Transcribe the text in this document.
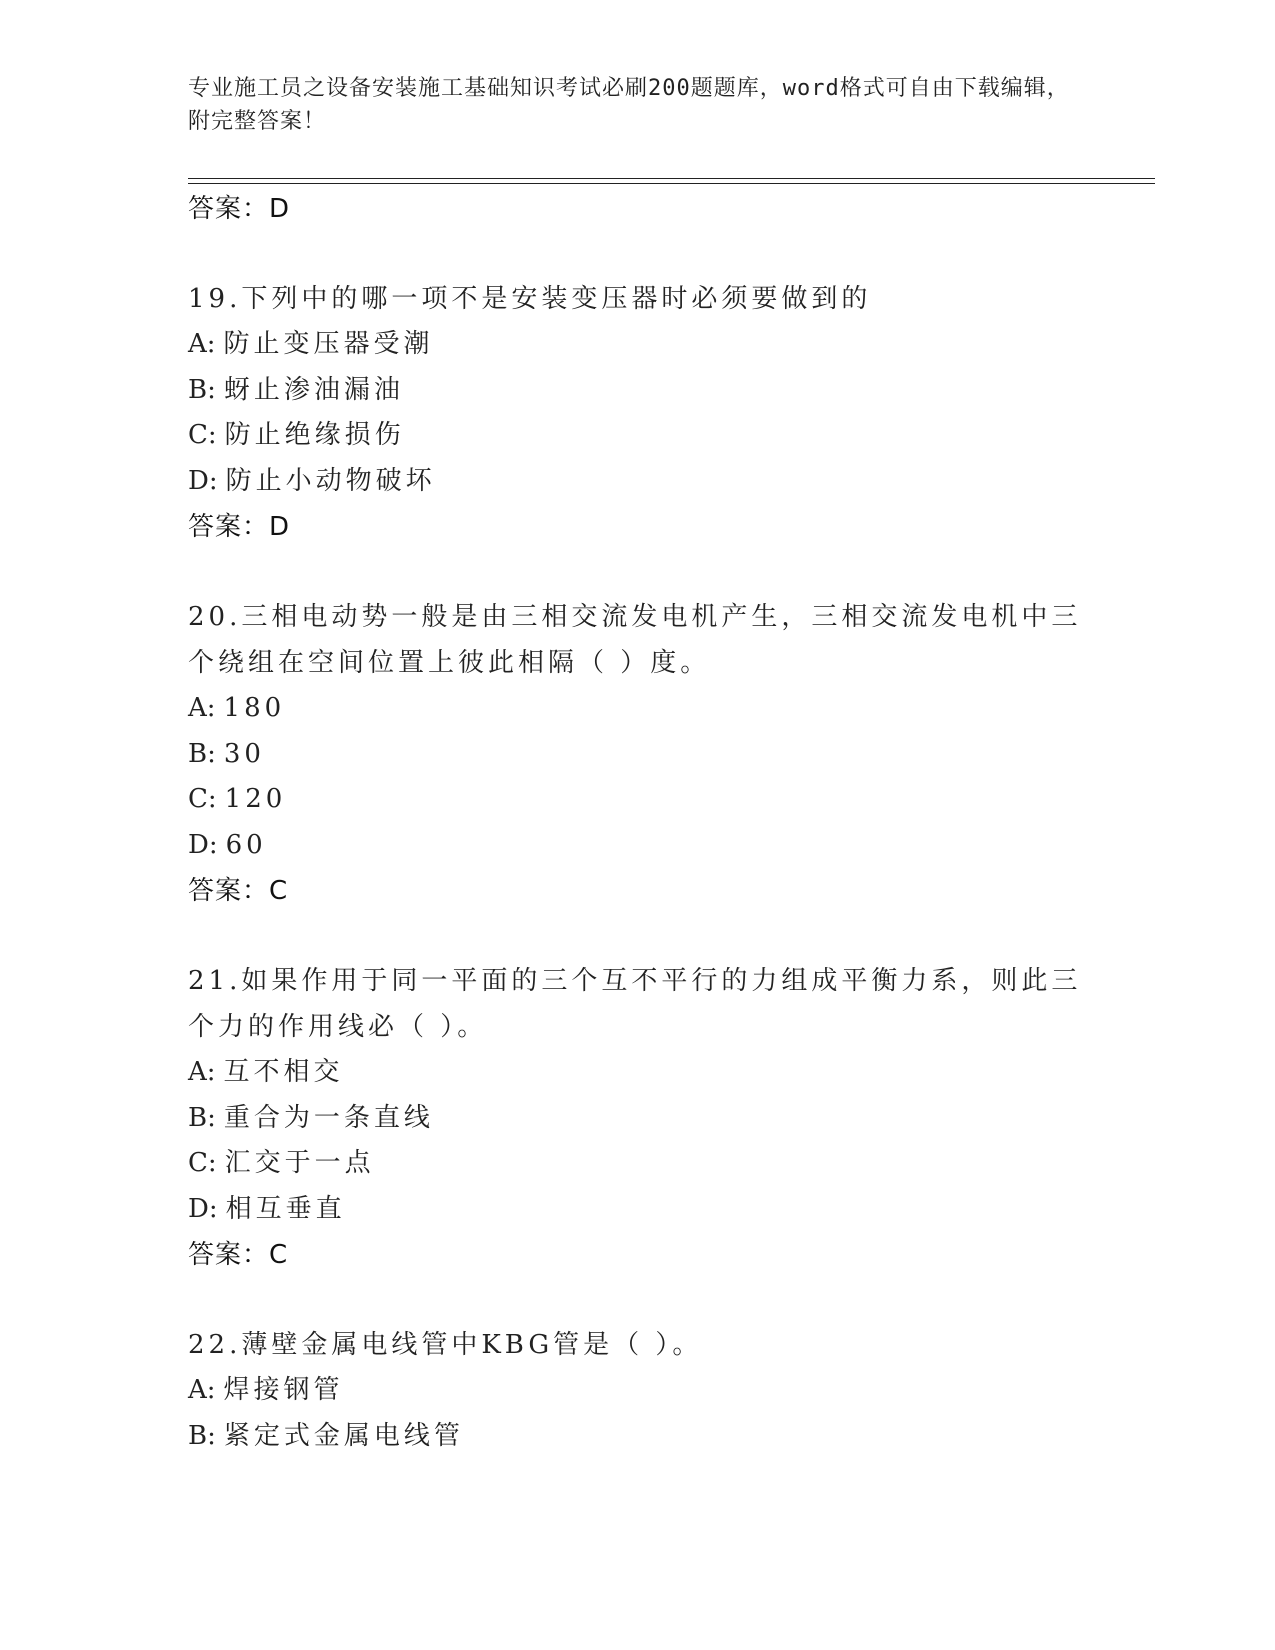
专业施工员之设备安装施工基础知识考试必刷200题题库，word格式可自由下载编辑，附完整答案！

答案：D

19.下列中的哪一项不是安装变压器时必须要做到的

A: 防止变压器受潮
B: 蚜止渗油漏油
C: 防止绝缘损伤
D: 防止小动物破坏
答案：D

20.三相电动势一般是由三相交流发电机产生，三相交流发电机中三个绕组在空间位置上彼此相隔（ ）度。

A: 180
B: 30
C: 120
D: 60
答案：C

21.如果作用于同一平面的三个互不平行的力组成平衡力系，则此三个力的作用线必（ ）。

A: 互不相交
B: 重合为一条直线
C: 汇交于一点
D: 相互垂直
答案：C

22.薄壁金属电线管中KBG管是（ ）。

A: 焊接钢管
B: 紧定式金属电线管
